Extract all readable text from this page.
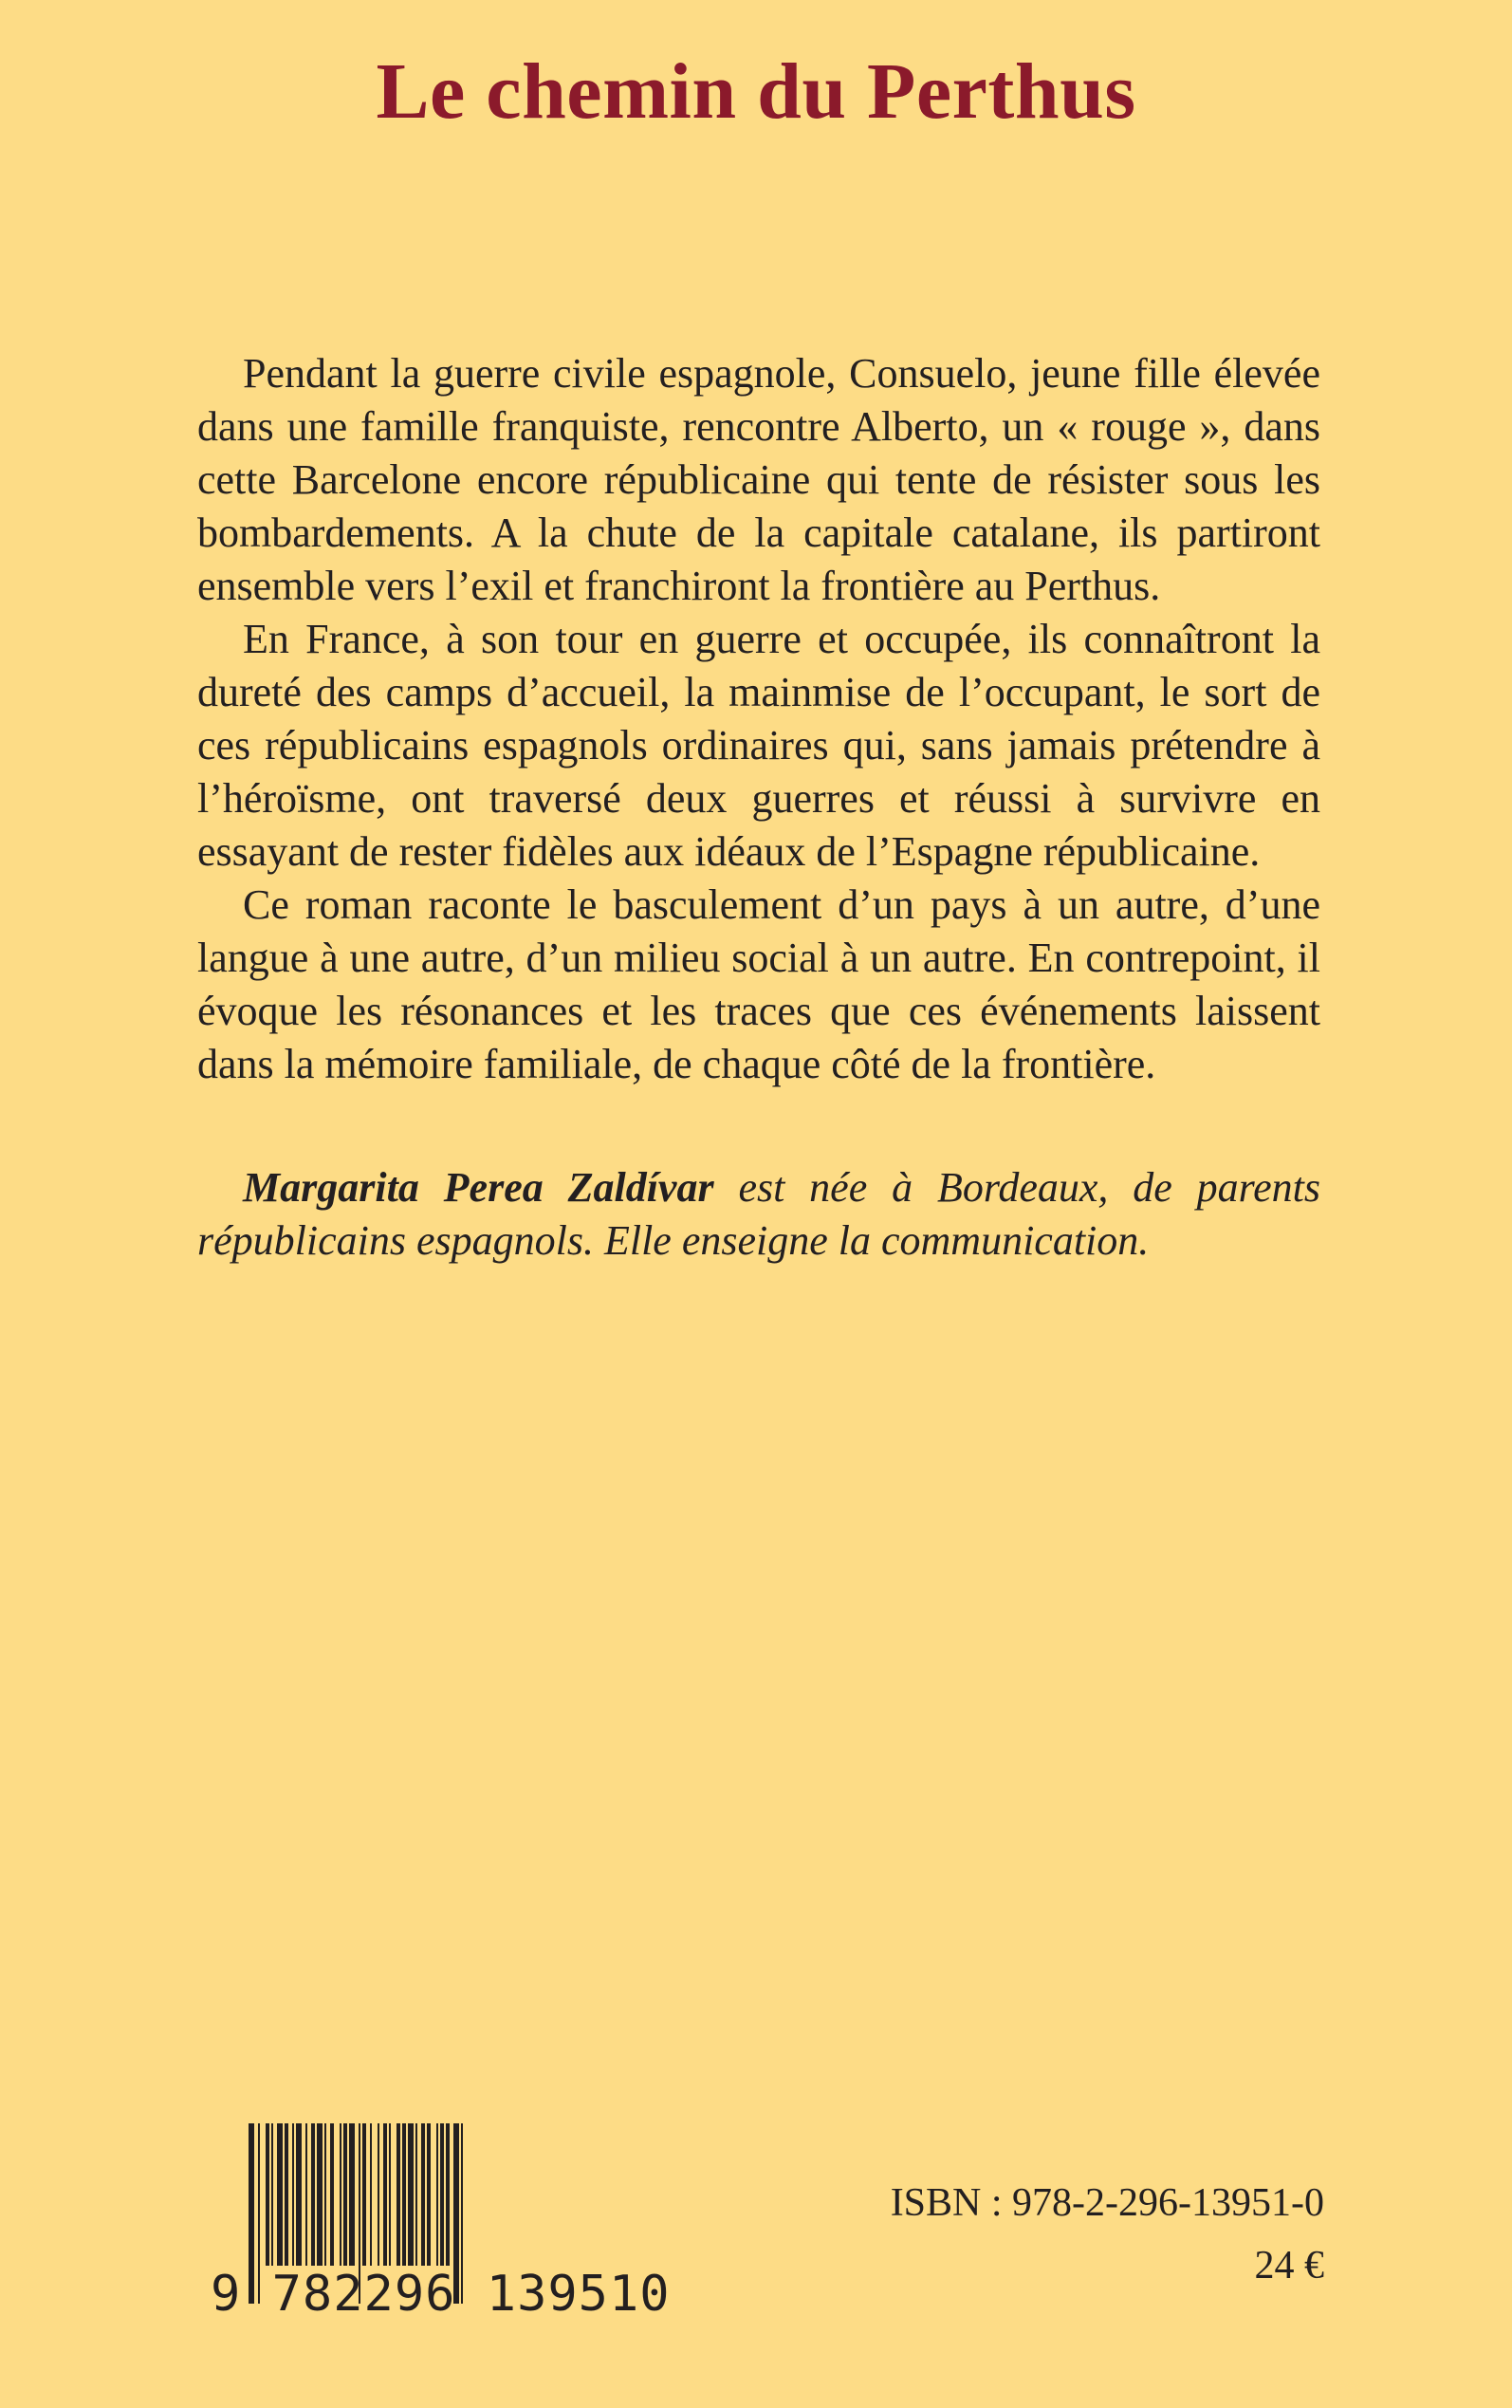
Le chemin du Perthus

Pendant la guerre civile espagnole, Consuelo, jeune fille élevée dans une famille franquiste, rencontre Alberto, un « rouge », dans cette Barcelone encore républicaine qui tente de résister sous les bombardements. A la chute de la capitale catalane, ils partiront ensemble vers l’exil et franchiront la frontière au Perthus.

En France, à son tour en guerre et occupée, ils connaîtront la dureté des camps d’accueil, la mainmise de l’occupant, le sort de ces républicains espagnols ordinaires qui, sans jamais prétendre à l’héroïsme, ont traversé deux guerres et réussi à survivre en essayant de rester fidèles aux idéaux de l’Espagne républicaine.

Ce roman raconte le basculement d’un pays à un autre, d’une langue à une autre, d’un milieu social à un autre. En contrepoint, il évoque les résonances et les traces que ces événements laissent dans la mémoire familiale, de chaque côté de la frontière.

Margarita Perea Zaldívar est née à Bordeaux, de parents républicains espagnols. Elle enseigne la communication.

9 782296 139510

ISBN : 978-2-296-13951-0

24 €
